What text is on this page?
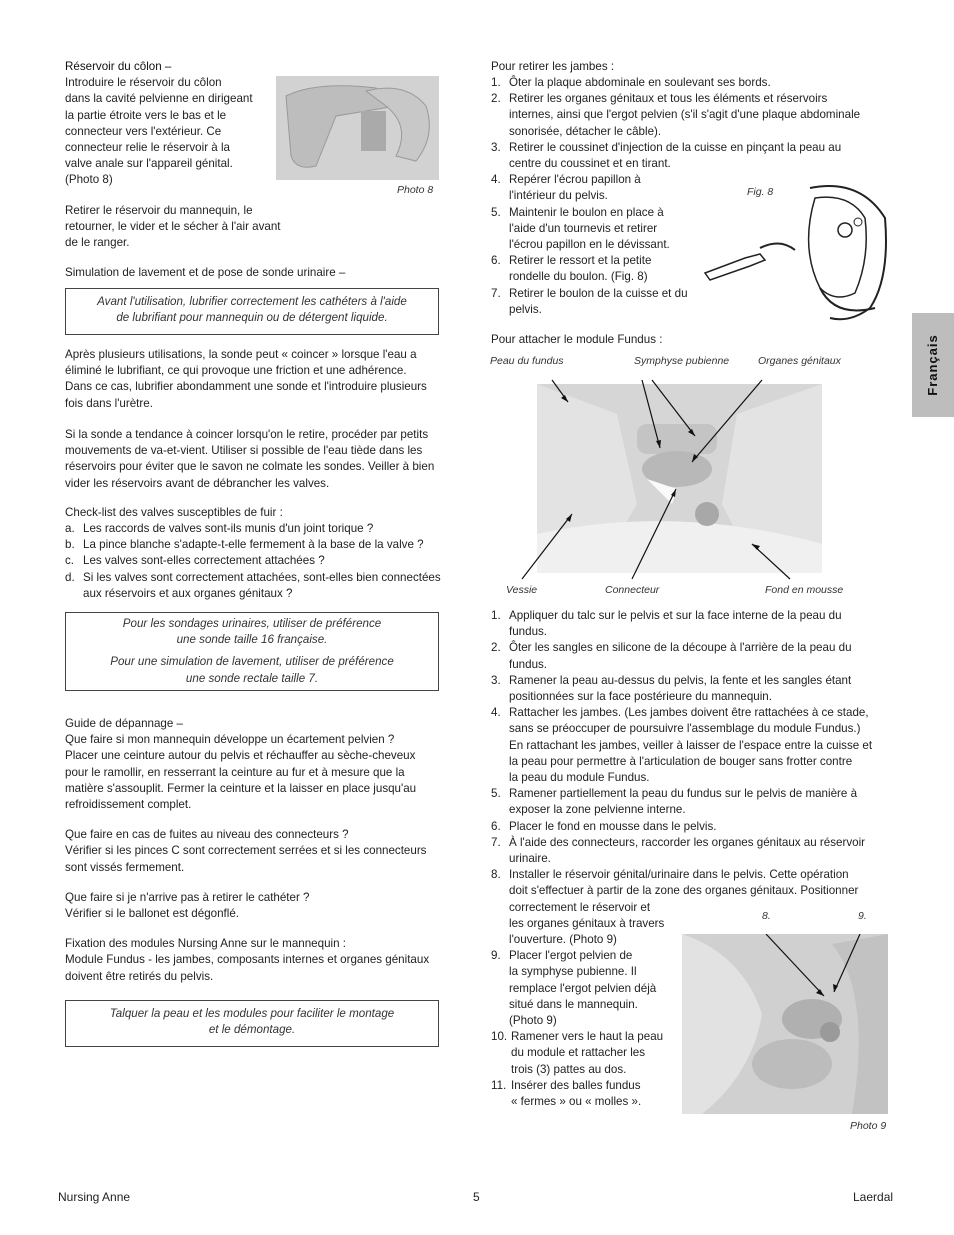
Français

Réservoir du côlon –

Introduire le réservoir du côlon
dans la cavité pelvienne en dirigeant
la partie étroite vers le bas et le
connecteur vers l'extérieur. Ce
connecteur relie le réservoir à la
valve anale sur l'appareil génital.
(Photo 8)

Photo 8
Retirer le réservoir du mannequin, le
retourner, le vider et le sécher à l'air avant
de le ranger.
Simulation de lavement et de pose de sonde urinaire –
Avant l'utilisation, lubrifier correctement les cathéters à l'aide
de lubrifiant pour mannequin ou de détergent liquide.
Après plusieurs utilisations, la sonde peut « coincer » lorsque l'eau a
éliminé le lubrifiant, ce qui provoque une friction et une adhérence.
Dans ce cas, lubrifier abondamment une sonde et l'introduire plusieurs
fois dans l'urètre.
Si la sonde a tendance à coincer lorsqu'on le retire, procéder par petits
mouvements de va-et-vient. Utiliser si possible de l'eau tiède dans les
réservoirs pour éviter que le savon ne colmate les sondes. Veiller à bien
vider les réservoirs avant de débrancher les valves.
Check-list des valves susceptibles de fuir :
a. Les raccords de valves sont-ils munis d'un joint torique ?
b. La pince blanche s'adapte-t-elle fermement à la base de la valve ?
c. Les valves sont-elles correctement attachées ?
d. Si les valves sont correctement attachées, sont-elles bien connectées
aux réservoirs et aux organes génitaux ?
Pour les sondages urinaires, utiliser de préférence
une sonde taille 16 française.
Pour une simulation de lavement, utiliser de préférence
une sonde rectale taille 7.

Guide de dépannage –

Que faire si mon mannequin développe un écartement pelvien ?

Placer une ceinture autour du pelvis et réchauffer au sèche-cheveux
pour le ramollir, en resserrant la ceinture au fur et à mesure que la
matière s'assouplit. Fermer la ceinture et la laisser en place jusqu'au
refroidissement complet.

Que faire en cas de fuites au niveau des connecteurs ?

Vérifier si les pinces C sont correctement serrées et si les connecteurs
sont vissés fermement.

Que faire si je n'arrive pas à retirer le cathéter ?

Vérifier si le ballonet est dégonflé.

Fixation des modules Nursing Anne sur le mannequin :

Module Fundus - les jambes, composants internes et organes génitaux
doivent être retirés du pelvis.

Talquer la peau et les modules pour faciliter le montage
et le démontage.
Pour retirer les jambes :
1. Ôter la plaque abdominale en soulevant ses bords.
2. Retirer les organes génitaux et tous les éléments et réservoirs
internes, ainsi que l'ergot pelvien (s'il s'agit d'une plaque abdominale
sonorisée, détacher le câble).
3. Retirer le coussinet d'injection de la cuisse en pinçant la peau au
centre du coussinet et en tirant.
4. Repérer l'écrou papillon à
l'intérieur du pelvis.
5. Maintenir le boulon en place à
l'aide d'un tournevis et retirer
l'écrou papillon en le dévissant.
6. Retirer le ressort et la petite
rondelle du boulon. (Fig. 8)
7. Retirer le boulon de la cuisse et du
pelvis.
Fig. 8
Pour attacher le module Fundus :
Peau du fundus	Symphyse pubienne	Organes génitaux
Vessie	Connecteur	Fond en mousse
1. Appliquer du talc sur le pelvis et sur la face interne de la peau du
fundus.
2. Ôter les sangles en silicone de la découpe à l'arrière de la peau du
fundus.
3. Ramener la peau au-dessus du pelvis, la fente et les sangles étant
positionnées sur la face postérieure du mannequin.
4. Rattacher les jambes. (Les jambes doivent être rattachées à ce stade,
sans se préoccuper de poursuivre l'assemblage du module Fundus.)
En rattachant les jambes, veiller à laisser de l'espace entre la cuisse et
la peau pour permettre à l'articulation de bouger sans frotter contre
la peau du module Fundus.
5. Ramener partiellement la peau du fundus sur le pelvis de manière à
exposer la zone pelvienne interne.
6. Placer le fond en mousse dans le pelvis.
7. À l'aide des connecteurs, raccorder les organes génitaux au réservoir
urinaire.
8. Installer le réservoir génital/urinaire dans le pelvis. Cette opération
doit s'effectuer à partir de la zone des organes génitaux. Positionner
correctement le réservoir et
les organes génitaux à travers
l'ouverture. (Photo 9)
9. Placer l'ergot pelvien de
la symphyse pubienne. Il
remplace l'ergot pelvien déjà
situé dans le mannequin.
(Photo 9)
10. Ramener vers le haut la peau
du module et rattacher les
trois (3) pattes au dos.
11. Insérer des balles fundus
« fermes » ou « molles ».
8.	9.
Photo 9
Nursing Anne	5	Laerdal
